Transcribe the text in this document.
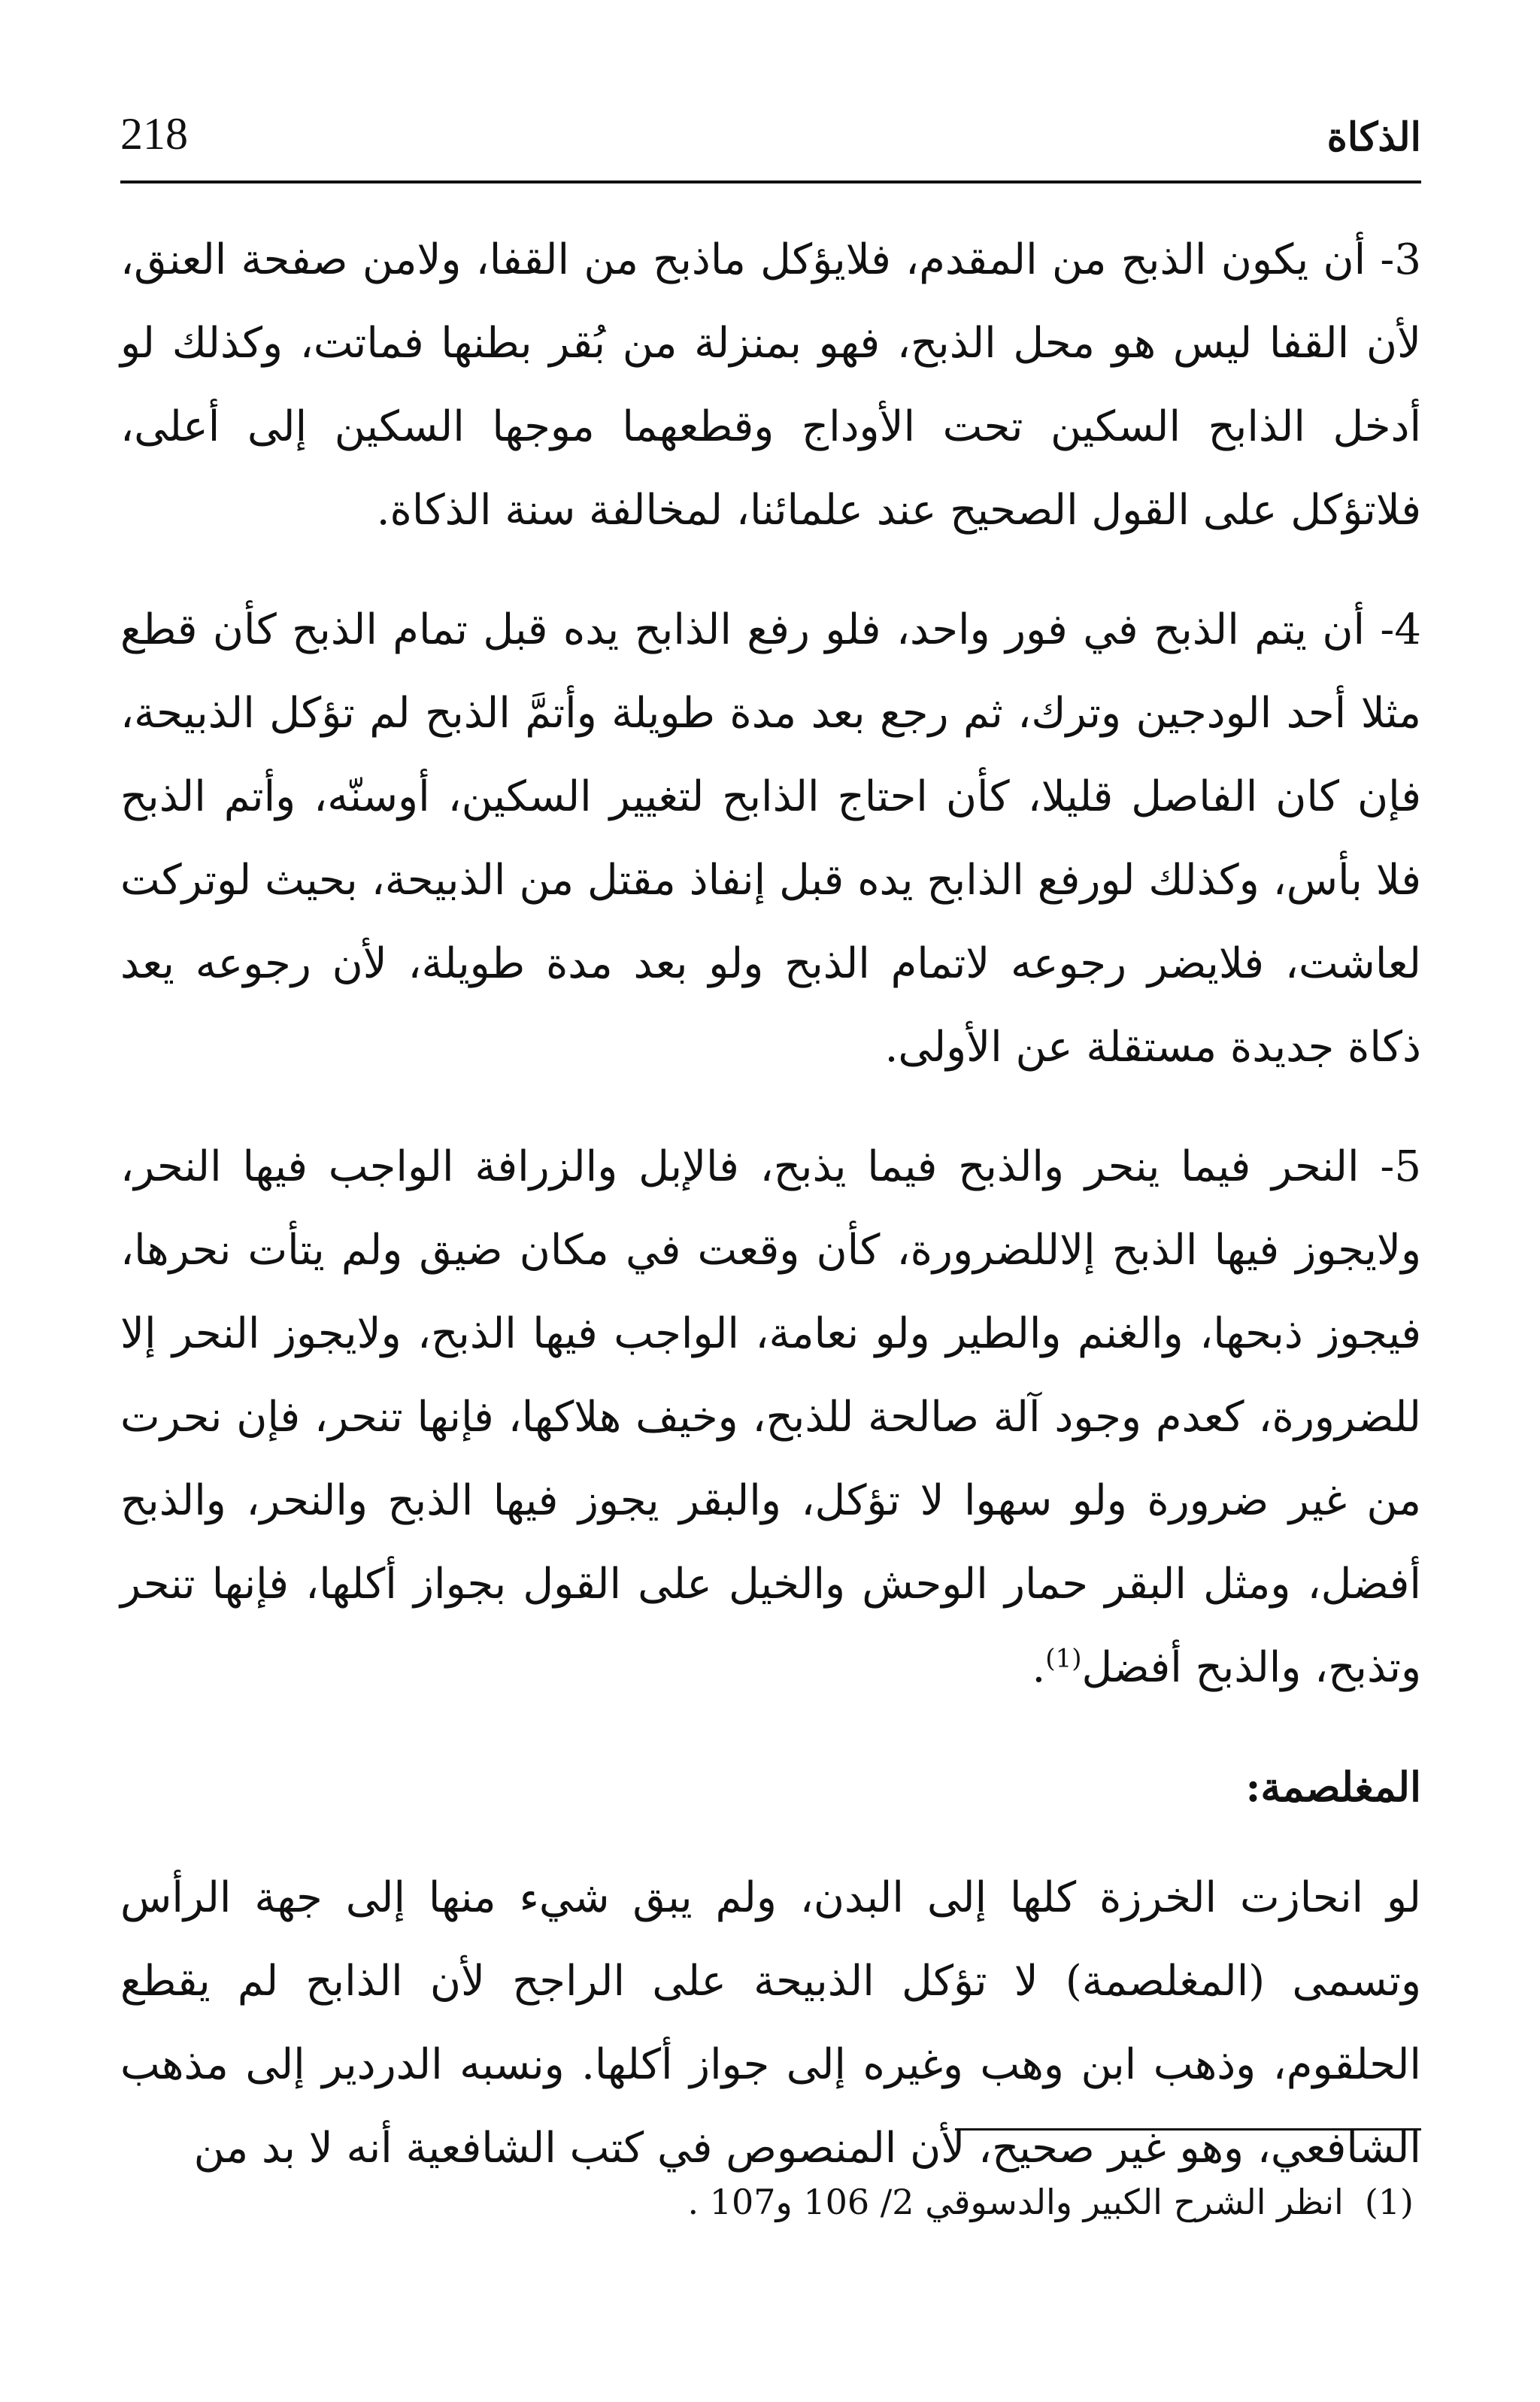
الذكاة
218

3- أن يكون الذبح من المقدم، فلايؤكل ماذبح من القفا، ولامن صفحة العنق، لأن القفا ليس هو محل الذبح، فهو بمنزلة من بُقر بطنها فماتت، وكذلك لو أدخل الذابح السكين تحت الأوداج وقطعهما موجها السكين إلى أعلى، فلاتؤكل على القول الصحيح عند علمائنا، لمخالفة سنة الذكاة.

4- أن يتم الذبح في فور واحد، فلو رفع الذابح يده قبل تمام الذبح كأن قطع مثلا أحد الودجين وترك، ثم رجع بعد مدة طويلة وأتمَّ الذبح لم تؤكل الذبيحة، فإن كان الفاصل قليلا، كأن احتاج الذابح لتغيير السكين، أوسنّه، وأتم الذبح فلا بأس، وكذلك لورفع الذابح يده قبل إنفاذ مقتل من الذبيحة، بحيث لوتركت لعاشت، فلايضر رجوعه لاتمام الذبح ولو بعد مدة طويلة، لأن رجوعه يعد ذكاة جديدة مستقلة عن الأولى.

5- النحر فيما ينحر والذبح فيما يذبح، فالإبل والزرافة الواجب فيها النحر، ولايجوز فيها الذبح إلاللضرورة، كأن وقعت في مكان ضيق ولم يتأت نحرها، فيجوز ذبحها، والغنم والطير ولو نعامة، الواجب فيها الذبح، ولايجوز النحر إلا للضرورة، كعدم وجود آلة صالحة للذبح، وخيف هلاكها، فإنها تنحر، فإن نحرت من غير ضرورة ولو سهوا لا تؤكل، والبقر يجوز فيها الذبح والنحر، والذبح أفضل، ومثل البقر حمار الوحش والخيل على القول بجواز أكلها، فإنها تنحر وتذبح، والذبح أفضل$^{(1)}$.

المغلصمة:

لو انحازت الخرزة كلها إلى البدن، ولم يبق شيء منها إلى جهة الرأس وتسمى (المغلصمة) لا تؤكل الذبيحة على الراجح لأن الذابح لم يقطع الحلقوم، وذهب ابن وهب وغيره إلى جواز أكلها. ونسبه الدردير إلى مذهب الشافعي، وهو غير صحيح، لأن المنصوص في كتب الشافعية أنه لا بد من

(1)انظر الشرح الكبير والدسوقي 2/ 106 و107 .
